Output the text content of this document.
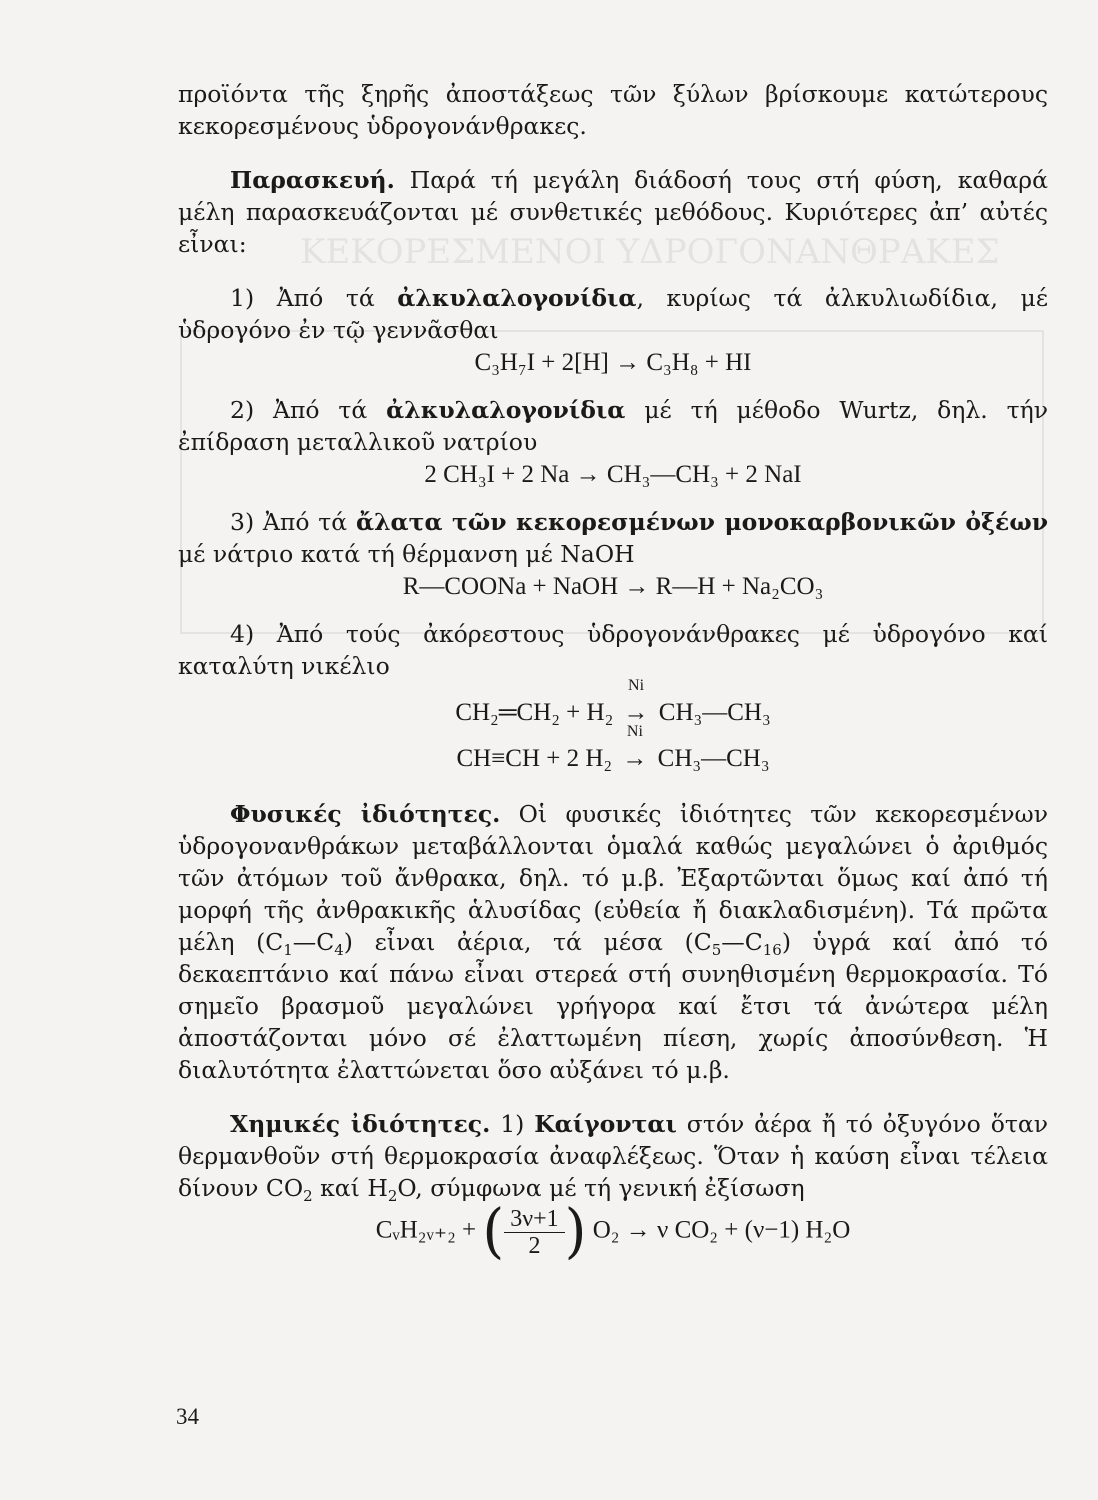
ΚΕΚΟΡΕΣΜΕΝΟΙ ΥΔΡΟΓΟΝΑΝΘΡΑΚΕΣ

προϊόντα τῆς ξηρῆς ἀποστάξεως τῶν ξύλων βρίσκουμε κατώτερους κεκορεσμένους ὑδρογονάνθρακες.

Παρασκευή. Παρά τή μεγάλη διάδοσή τους στή φύση, καθαρά μέλη παρασκευάζονται μέ συνθετικές μεθόδους. Κυριότερες ἀπ’ αὐτές εἶναι:

1) Ἀπό τά ἀλκυλαλογονίδια, κυρίως τά ἀλκυλιωδίδια, μέ ὑδρογόνο ἐν τῷ γεννᾶσθαι

C₃H₇I + 2[H] → C₃H₈ + HI

2) Ἀπό τά ἀλκυλαλογονίδια μέ τή μέθοδο Wurtz, δηλ. τήν ἐπίδραση μεταλλικοῦ νατρίου

2 CH₃I + 2 Na → CH₃—CH₃ + 2 NaI

3) Ἀπό τά ἄλατα τῶν κεκορεσμένων μονοκαρβονικῶν ὀξέων μέ νάτριο κατά τή θέρμανση μέ NaOH

R—COONa + NaOH → R—H + Na₂CO₃

4) Ἀπό τούς ἀκόρεστους ὑδρογονάνθρακες μέ ὑδρογόνο καί καταλύτη νικέλιο

CH₂═CH₂ + H₂
Ni
→ CH₃—CH₃
CH≡CH + 2 H₂
Ni
→ CH₃—CH₃

Φυσικές ἰδιότητες. Οἱ φυσικές ἰδιότητες τῶν κεκορεσμένων ὑδρογονανθράκων μεταβάλλονται ὁμαλά καθώς μεγαλώνει ὁ ἀριθμός τῶν ἀτόμων τοῦ ἄνθρακα, δηλ. τό μ.β. Ἐξαρτῶνται ὅμως καί ἀπό τή μορφή τῆς ἀνθρακικῆς ἁλυσίδας (εὐθεία ἤ διακλαδισμένη). Τά πρῶτα μέλη $(C_1—C_4)$ εἶναι ἀέρια, τά μέσα $(C_5—C_{16})$ ὑγρά καί ἀπό τό δεκαεπτάνιο καί πάνω εἶναι στερεά στή συνηθισμένη θερμοκρασία. Τό σημεῖο βρασμοῦ μεγαλώνει γρήγορα καί ἔτσι τά ἀνώτερα μέλη ἀποστάζονται μόνο σέ ἐλαττωμένη πίεση, χωρίς ἀποσύνθεση. Ἡ διαλυτότητα ἐλαττώνεται ὅσο αὐξάνει τό μ.β.

Χημικές ἰδιότητες. 1) Καίγονται στόν ἀέρα ἤ τό ὀξυγόνο ὅταν θερμανθοῦν στή θερμοκρασία ἀναφλέξεως. Ὅταν ἡ καύση εἶναι τέλεια δίνουν $CO_2$ καί $H_2O$, σύμφωνα μέ τή γενική ἐξίσωση

CᵥH₂ᵥ₊₂ + ( $\frac{3\nu+1}{2}$ ) O₂ → ν CO₂ + (ν−1) H₂O
34
